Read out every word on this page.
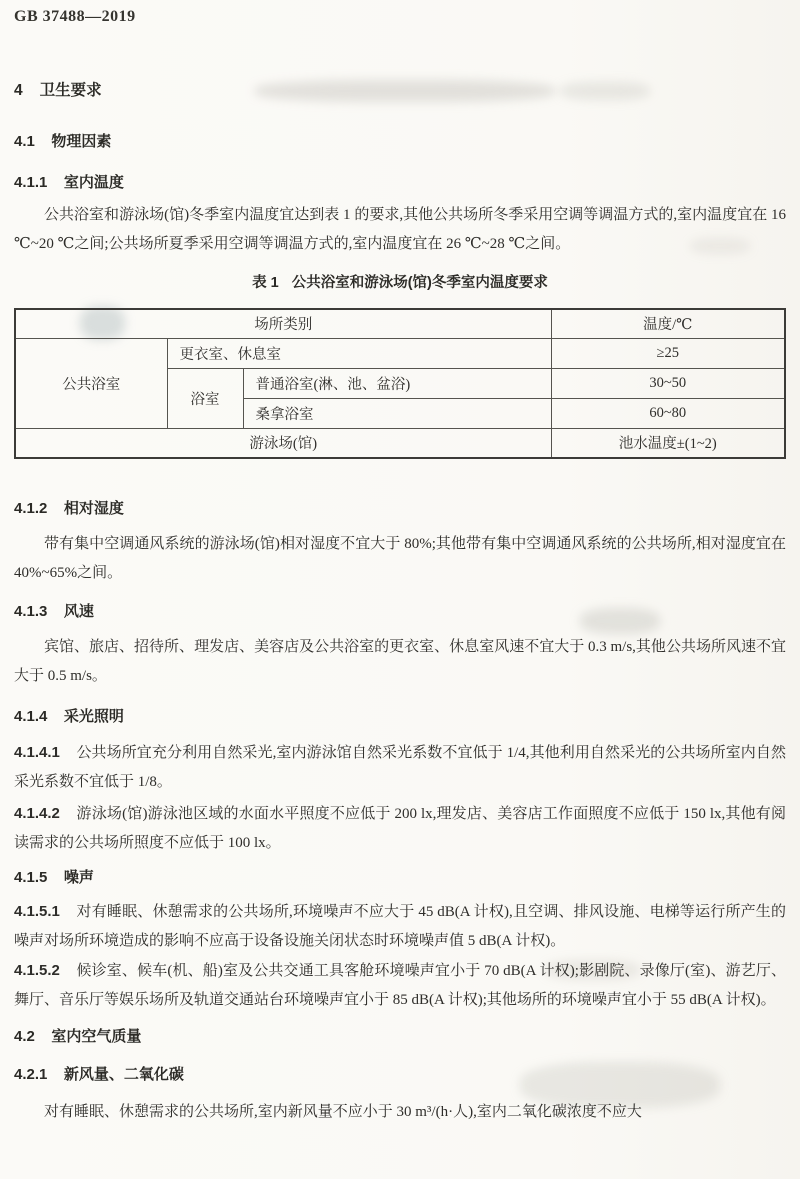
GB 37488—2019
4 卫生要求
4.1 物理因素
4.1.1 室内温度

公共浴室和游泳场(馆)冬季室内温度宜达到表 1 的要求,其他公共场所冬季采用空调等调温方式的,室内温度宜在 16 ℃~20 ℃之间;公共场所夏季采用空调等调温方式的,室内温度宜在 26 ℃~28 ℃之间。

表 1 公共浴室和游泳场(馆)冬季室内温度要求
场所类别			温度/℃
公共浴室	更衣室、休息室		≥25
	浴室	普通浴室(淋、池、盆浴)	30~50
		桑拿浴室	60~80
游泳场(馆)			池水温度±(1~2)
4.1.2 相对湿度

带有集中空调通风系统的游泳场(馆)相对湿度不宜大于 80%;其他带有集中空调通风系统的公共场所,相对湿度宜在 40%~65%之间。

4.1.3 风速

宾馆、旅店、招待所、理发店、美容店及公共浴室的更衣室、休息室风速不宜大于 0.3 m/s,其他公共场所风速不宜大于 0.5 m/s。

4.1.4 采光照明

4.1.4.1 公共场所宜充分利用自然采光,室内游泳馆自然采光系数不宜低于 1/4,其他利用自然采光的公共场所室内自然采光系数不宜低于 1/8。

4.1.4.2 游泳场(馆)游泳池区域的水面水平照度不应低于 200 lx,理发店、美容店工作面照度不应低于 150 lx,其他有阅读需求的公共场所照度不应低于 100 lx。

4.1.5 噪声

4.1.5.1 对有睡眠、休憩需求的公共场所,环境噪声不应大于 45 dB(A 计权),且空调、排风设施、电梯等运行所产生的噪声对场所环境造成的影响不应高于设备设施关闭状态时环境噪声值 5 dB(A 计权)。

4.1.5.2 候诊室、候车(机、船)室及公共交通工具客舱环境噪声宜小于 70 dB(A 计权);影剧院、录像厅(室)、游艺厅、舞厅、音乐厅等娱乐场所及轨道交通站台环境噪声宜小于 85 dB(A 计权);其他场所的环境噪声宜小于 55 dB(A 计权)。

4.2 室内空气质量
4.2.1 新风量、二氧化碳

对有睡眠、休憩需求的公共场所,室内新风量不应小于 30 m³/(h·人),室内二氧化碳浓度不应大
